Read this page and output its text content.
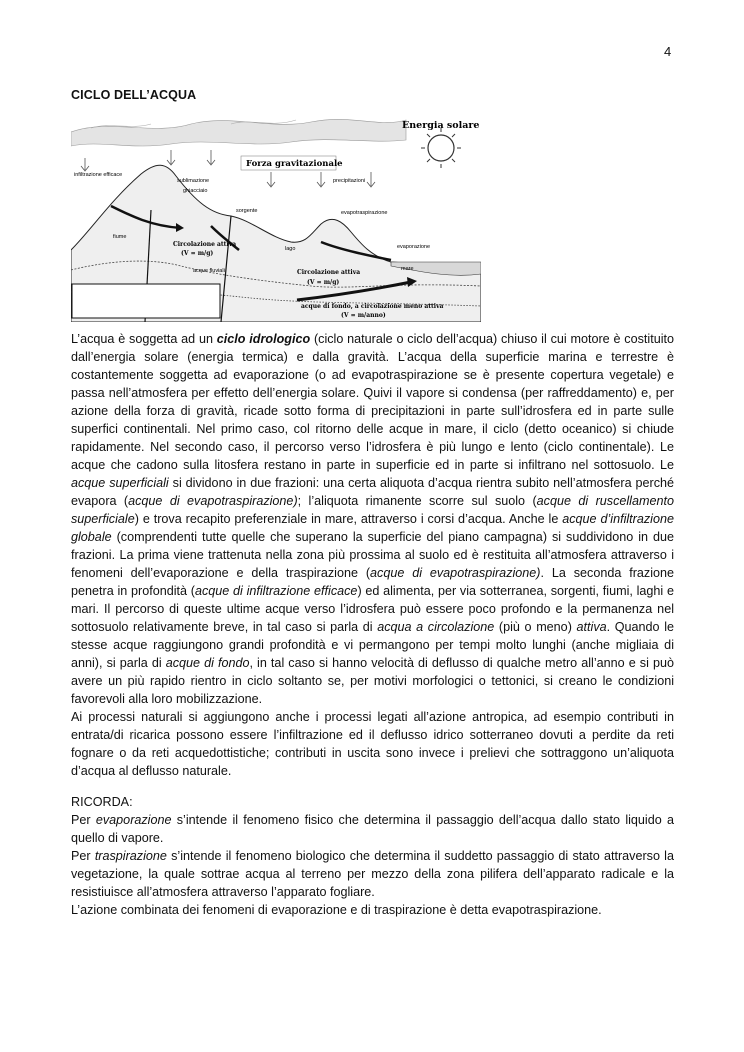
4
CICLO DELL’ACQUA
Energia solare
Forza gravitazionale
infiltrazione efficace
sublimazione
ghiacciaio
precipitazioni
sorgente	evapotraspirazione
fiume
lago	evaporazione
mare
Circolazione attiva
(V = m/g)
acque fluviali	Circolazione attiva
(V = m/g)
acque di fondo, a circolazione meno attiva
(V = m/anno)

L’acqua è soggetta ad un ciclo idrologico (ciclo naturale o ciclo dell’acqua) chiuso il cui motore è costituito dall’energia solare (energia termica) e dalla gravità. L’acqua della superficie marina e terrestre è costantemente soggetta ad evaporazione (o ad evapotraspirazione se è presente copertura vegetale) e passa nell’atmosfera per effetto dell’energia solare. Quivi il vapore si condensa (per raffreddamento) e, per azione della forza di gravità, ricade sotto forma di precipitazioni in parte sull’idrosfera ed in parte sulle superfici continentali. Nel primo caso, col ritorno delle acque in mare, il ciclo (detto oceanico) si chiude rapidamente. Nel secondo caso, il percorso verso l’idrosfera è più lungo e lento (ciclo continentale). Le acque che cadono sulla litosfera restano in parte in superficie ed in parte si infiltrano nel sottosuolo. Le acque superficiali si dividono in due frazioni: una certa aliquota d’acqua rientra subito nell’atmosfera perché evapora (acque di evapotraspirazione); l’aliquota rimanente scorre sul suolo (acque di ruscellamento superficiale) e trova recapito preferenziale in mare, attraverso i corsi d’acqua. Anche le acque d’infiltrazione globale (comprendenti tutte quelle che superano la superficie del piano campagna) si suddividono in due frazioni. La prima viene trattenuta nella zona più prossima al suolo ed è restituita all’atmosfera attraverso i fenomeni dell’evaporazione e della traspirazione (acque di evapotraspirazione). La seconda frazione penetra in profondità (acque di infiltrazione efficace) ed alimenta, per via sotterranea, sorgenti, fiumi, laghi e mari. Il percorso di queste ultime acque verso l’idrosfera può essere poco profondo e la permanenza nel sottosuolo relativamente breve, in tal caso si parla di acqua a circolazione (più o meno) attiva. Quando le stesse acque raggiungono grandi profondità e vi permangono per tempi molto lunghi (anche migliaia di anni), si parla di acque di fondo, in tal caso si hanno velocità di deflusso di qualche metro all’anno e si può avere un più rapido rientro in ciclo soltanto se, per motivi morfologici o tettonici, si creano le condizioni favorevoli alla loro mobilizzazione.

Ai processi naturali si aggiungono anche i processi legati all’azione antropica, ad esempio contributi in entrata/di ricarica possono essere l’infiltrazione ed il deflusso idrico sotterraneo dovuti a perdite da reti fognare o da reti acquedottistiche; contributi in uscita sono invece i prelievi che sottraggono un’aliquota d’acqua al deflusso naturale.

RICORDA:

Per evaporazione s’intende il fenomeno fisico che determina il passaggio dell’acqua dallo stato liquido a quello di vapore.

Per traspirazione s’intende il fenomeno biologico che determina il suddetto passaggio di stato attraverso la vegetazione, la quale sottrae acqua al terreno per mezzo della zona pilifera dell’apparato radicale e la resistiuisce all’atmosfera attraverso l’apparato fogliare.

L’azione combinata dei fenomeni di evaporazione e di traspirazione è detta evapotraspirazione.
